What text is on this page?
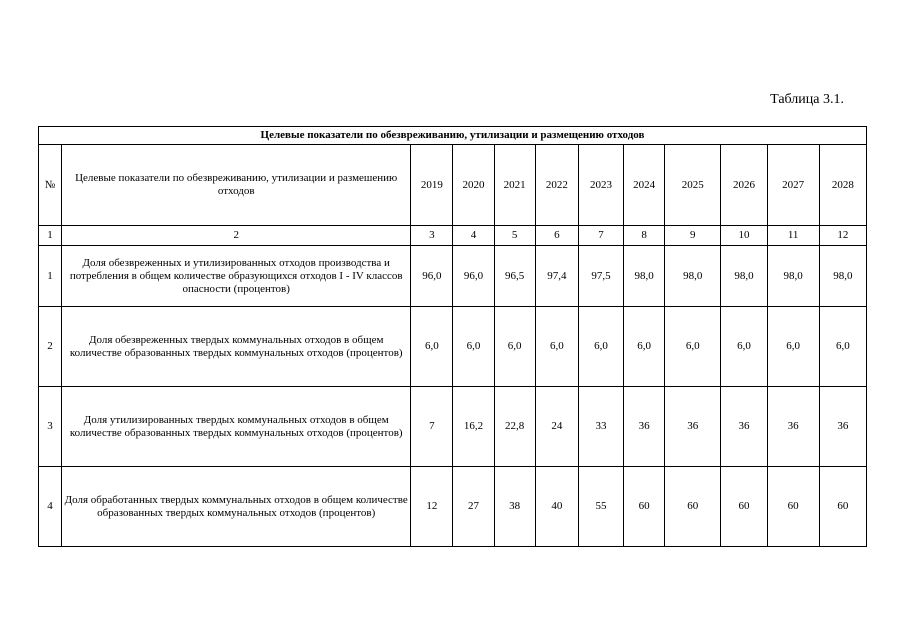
Таблица 3.1.
Целевые показатели по обезвреживанию, утилизации и размещению отходов											
№	Целевые показатели по обезвреживанию, утилизации и размешению отходов	2019	2020	2021	2022	2023	2024	2025	2026	2027	2028
1	2	3	4	5	6	7	8	9	10	11	12
1	Доля обезвреженных и утилизированных отходов производства и потребления в общем количестве образующихся отходов I - IV классов опасности (процентов)	96,0	96,0	96,5	97,4	97,5	98,0	98,0	98,0	98,0	98,0
2	Доля обезвреженных твердых коммунальных отходов в общем количестве образованных твердых коммунальных отходов (процентов)	6,0	6,0	6,0	6,0	6,0	6,0	6,0	6,0	6,0	6,0
3	Доля утилизированных твердых коммунальных отходов в общем количестве образованных твердых коммунальных отходов (процентов)	7	16,2	22,8	24	33	36	36	36	36	36
4	Доля обработанных твердых коммунальных отходов в общем количестве образованных твердых коммунальных отходов (процентов)	12	27	38	40	55	60	60	60	60	60
